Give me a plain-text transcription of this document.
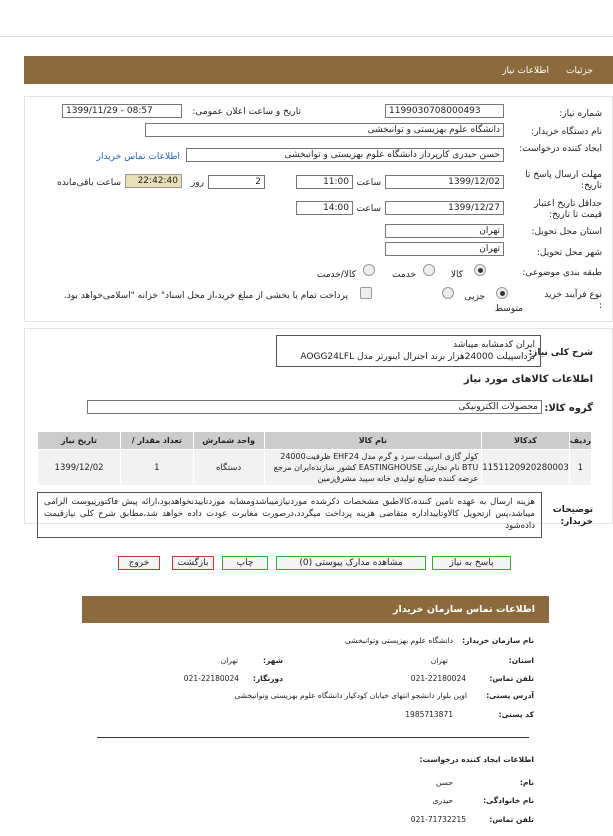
جزئیات
اطلاعات نیاز
شماره نیاز:
1199030708000493
تاریخ و ساعت اعلان عمومی:
1399/11/29 - 08:57
نام دستگاه خریدار:
دانشگاه علوم بهزیستی و توانبخشی
ایجاد کننده درخواست:
حسن حیدری کارپرداز دانشگاه علوم بهزیستی و توانبخشی
اطلاعات تماس خریدار
مهلت ارسال پاسخ تا تاریخ:
1399/12/02
ساعت
11:00
2
روز
22:42:40
ساعت باقی‌مانده
حداقل تاریخ اعتبار قیمت تا تاریخ:
1399/12/27
ساعت
14:00
استان محل تحویل:
تهران
شهر محل تحویل:
تهران
طبقه بندی موضوعی:
کالا
خدمت
کالا/خدمت
نوع فرآیند خرید :
متوسط
جزیی
پرداخت تمام یا بخشی از مبلغ خرید،از محل اسناد" خزانه "اسلامی‌خواهد بود.
شرح کلی نیاز:
ایران کدمشابه میباشد
برداسپیلت 24000هزار برند اجنرال اینورتر مدل AOGG24LFL
اطلاعات کالاهای مورد نیاز
گروه کالا:
محصولات الکترونیکی
ردیف	کدکالا	نام کالا	واحد شمارش	تعداد مقدار /	تاریخ نیاز
1	1151120920280003	کولر گازی اسپیلت سرد و گرم مدل EHF24 ظرفیت24000 BTU نام تجارتی EASTINGHOUSE کشور سازنده‌ایران مرجع عرضه کننده صنایع تولیدی خانه سپید مشرق‌زمین	دستگاه	1	1399/12/02
توضیحات خریدار:
هزینه ارسال به عهده تامین کننده،کالاطبق مشخصات ذکرشده موردنیازمیباشدومشابه موردتاییدنخواهدبود،ارائه پیش فاکتورپیوست الزامی میباشد،پس ازتحویل کالاوتاییداداره متقاضی هزینه پرداخت میگردد،درصورت مغایرت عودت داده خواهد شد،مطابق شرح کلی نیازقیمت داده‌شود
پاسخ به نیاز
مشاهده مدارک پیوستی (0)
چاپ
بازگشت
خروج
اطلاعات تماس سازمان خریدار
نام سازمان خریدار:
دانشگاه علوم بهزیستی وتوانبخشی
استان:
تهران
شهر:
تهران
تلفن تماس:
021-22180024
دورنگار:
021-22180024
آدرس پستی:
اوین بلوار دانشجو انتهای خیابان کودکیار دانشگاه علوم بهزیستی وتوانبخشی
کد پستی:
1985713871
اطلاعات ایجاد کننده درخواست:
نام:
حسن
نام خانوادگی:
حیدری
تلفن تماس:
021-71732215
